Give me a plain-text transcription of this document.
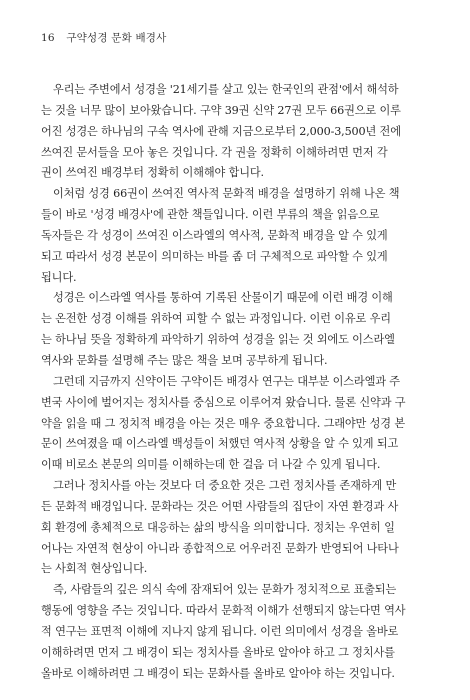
16 구약성경 문화 배경사
우리는 주변에서 성경을 '21세기를 살고 있는 한국인의 관점'에서 해석하
는 것을 너무 많이 보아왔습니다. 구약 39권 신약 27권 모두 66권으로 이루
어진 성경은 하나님의 구속 역사에 관해 지금으로부터 2,000-3,500년 전에
쓰여진 문서들을 모아 놓은 것입니다. 각 권을 정확히 이해하려면 먼저 각
권이 쓰여진 배경부터 정확히 이해해야 합니다.
이처럼 성경 66권이 쓰여진 역사적 문화적 배경을 설명하기 위해 나온 책
들이 바로 '성경 배경사'에 관한 책들입니다. 이런 부류의 책을 읽음으로
독자들은 각 성경이 쓰여진 이스라엘의 역사적, 문화적 배경을 알 수 있게
되고 따라서 성경 본문이 의미하는 바를 좀 더 구체적으로 파악할 수 있게
됩니다.
성경은 이스라엘 역사를 통하여 기록된 산물이기 때문에 이런 배경 이해
는 온전한 성경 이해를 위하여 피할 수 없는 과정입니다. 이런 이유로 우리
는 하나님 뜻을 정확하게 파악하기 위하여 성경을 읽는 것 외에도 이스라엘
역사와 문화를 설명해 주는 많은 책을 보며 공부하게 됩니다.
그런데 지금까지 신약이든 구약이든 배경사 연구는 대부분 이스라엘과 주
변국 사이에 벌어지는 정치사를 중심으로 이루어져 왔습니다. 물론 신약과 구
약을 읽을 때 그 정치적 배경을 아는 것은 매우 중요합니다. 그래야만 성경 본
문이 쓰여졌을 때 이스라엘 백성들이 처했던 역사적 상황을 알 수 있게 되고
이때 비로소 본문의 의미를 이해하는데 한 걸음 더 나갈 수 있게 됩니다.
그러나 정치사를 아는 것보다 더 중요한 것은 그런 정치사를 존재하게 만
든 문화적 배경입니다. 문화라는 것은 어떤 사람들의 집단이 자연 환경과 사
회 환경에 총체적으로 대응하는 삶의 방식을 의미합니다. 정치는 우연히 일
어나는 자연적 현상이 아니라 종합적으로 어우러진 문화가 반영되어 나타나
는 사회적 현상입니다.
즉, 사람들의 깊은 의식 속에 잠재되어 있는 문화가 정치적으로 표출되는
행동에 영향을 주는 것입니다. 따라서 문화적 이해가 선행되지 않는다면 역사
적 연구는 표면적 이해에 지나지 않게 됩니다. 이런 의미에서 성경을 올바로
이해하려면 먼저 그 배경이 되는 정치사를 올바로 알아야 하고 그 정치사를
올바로 이해하려면 그 배경이 되는 문화사를 올바로 알아야 하는 것입니다.
